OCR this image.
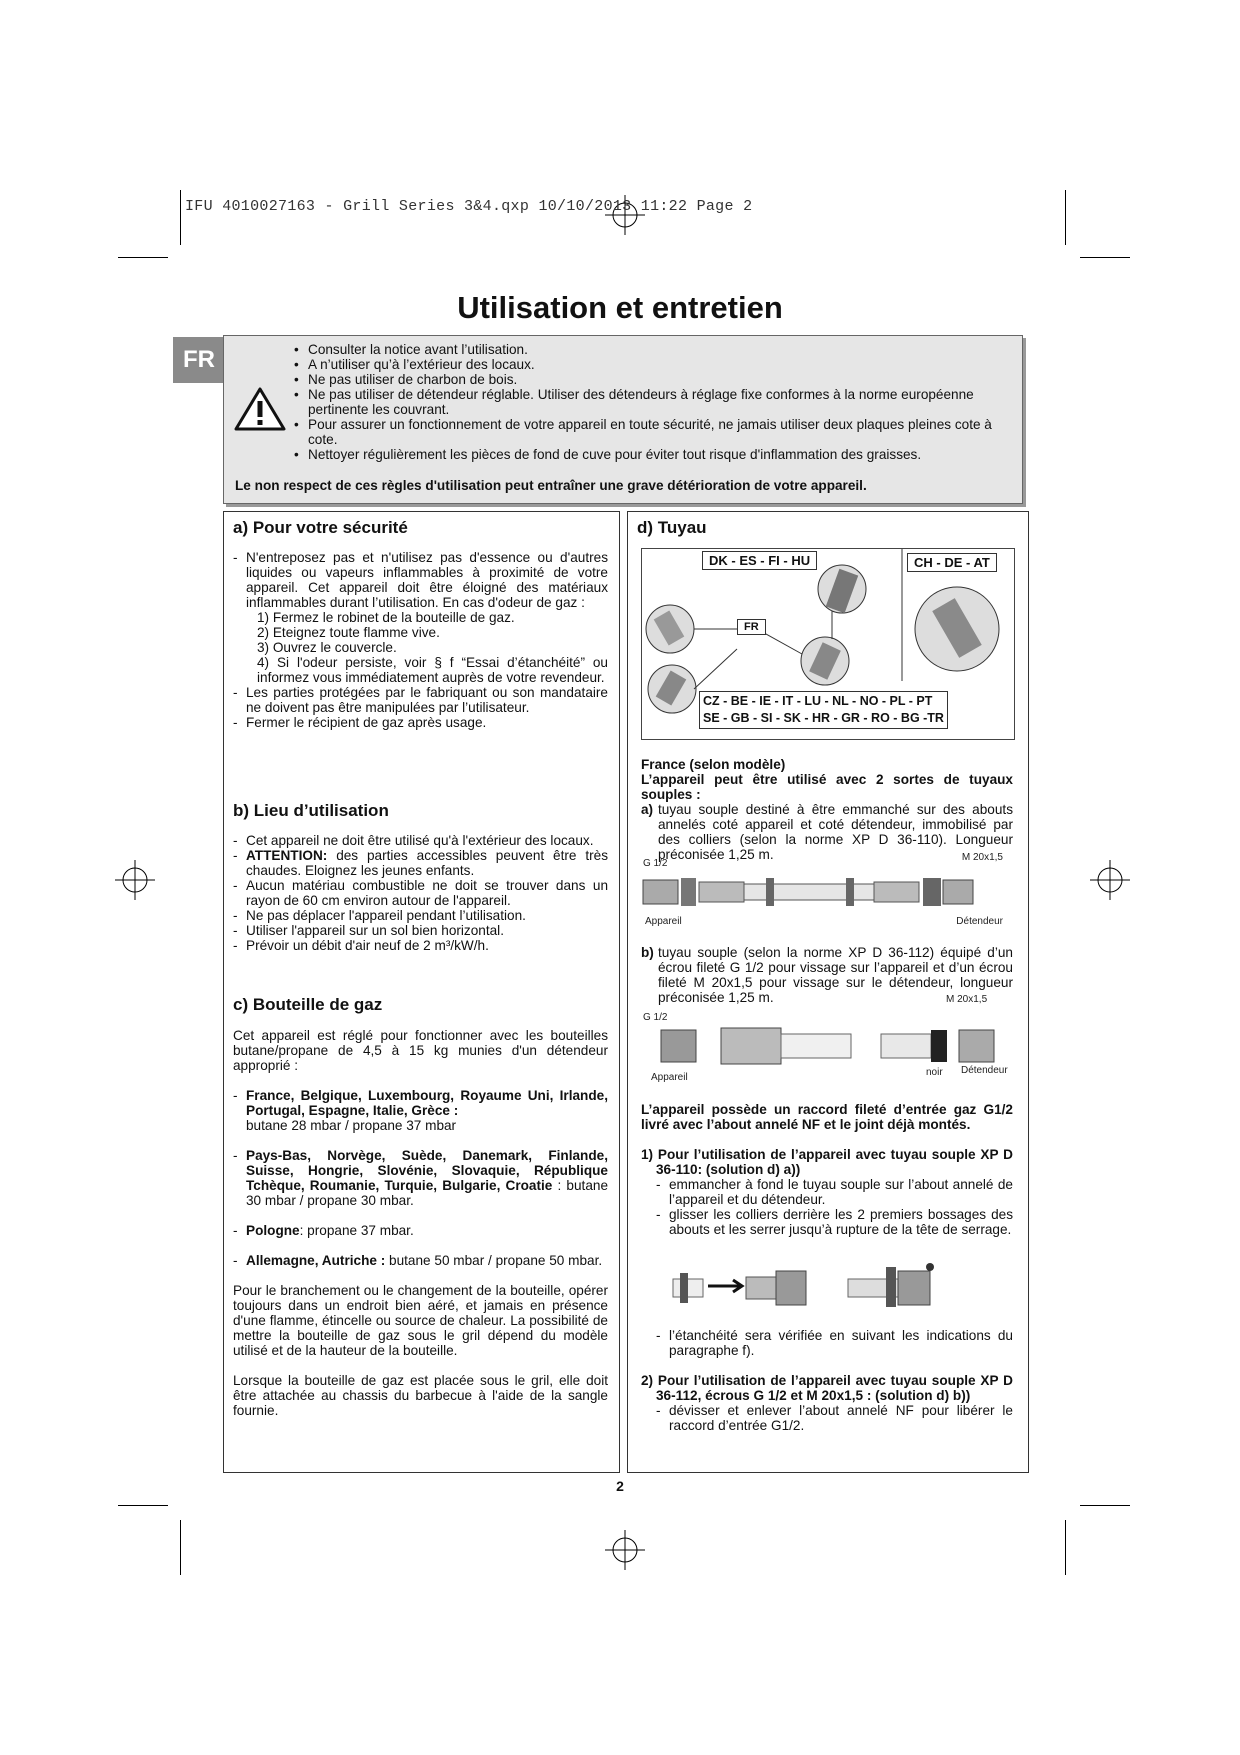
IFU 4010027163 - Grill Series 3&4.qxp 10/10/2013 11:22 Page 2
Utilisation et entretien
FR
•	Consulter la notice avant l’utilisation.
• A n’utiliser qu’à l’extérieur des locaux.
• Ne pas utiliser de charbon de bois.
• Ne pas utiliser de détendeur réglable. Utiliser des détendeurs à réglage fixe conformes à la norme européenne pertinente les couvrant.
• Pour assurer un fonctionnement de votre appareil en toute sécurité, ne jamais utiliser deux plaques pleines cote à cote.
• Nettoyer régulièrement les pièces de fond de cuve pour éviter tout risque d'inflammation des graisses.
Le non respect de ces règles d'utilisation peut entraîner une grave détérioration de votre appareil.
a) Pour votre sécurité

- N'entreposez pas et n'utilisez pas d'essence ou d'autres liquides ou vapeurs inflammables à proximité de votre appareil. Cet appareil doit être éloigné des matériaux inflammables durant l’utilisation. En cas d'odeur de gaz :

1) Fermez le robinet de la bouteille de gaz.

2) Eteignez toute flamme vive.

3) Ouvrez le couvercle.

4) Si l'odeur persiste, voir § f “Essai d’étanchéité” ou informez vous immédiatement auprès de votre revendeur.

- Les parties protégées par le fabriquant ou son mandataire ne doivent pas être manipulées par l’utilisateur.

- Fermer le récipient de gaz après usage.

b) Lieu d’utilisation

- Cet appareil ne doit être utilisé qu'à l'extérieur des locaux.

- ATTENTION: des parties accessibles peuvent être très chaudes. Eloignez les jeunes enfants.

- Aucun matériau combustible ne doit se trouver dans un rayon de 60 cm environ autour de l'appareil.

- Ne pas déplacer l'appareil pendant l’utilisation.

- Utiliser l'appareil sur un sol bien horizontal.

- Prévoir un débit d'air neuf de 2 m³/kW/h.

c) Bouteille de gaz

Cet appareil est réglé pour fonctionner avec les bouteilles butane/propane de 4,5 à 15 kg munies d'un détendeur approprié :

- France, Belgique, Luxembourg, Royaume Uni, Irlande, Portugal, Espagne, Italie, Grèce :
butane 28 mbar / propane 37 mbar

- Pays-Bas, Norvège, Suède, Danemark, Finlande, Suisse, Hongrie, Slovénie, Slovaquie, République Tchèque, Roumanie, Turquie, Bulgarie, Croatie : butane 30 mbar / propane 30 mbar.

- Pologne: propane 37 mbar.

- Allemagne, Autriche : butane 50 mbar / propane 50 mbar.

Pour le branchement ou le changement de la bouteille, opérer toujours dans un endroit bien aéré, et jamais en présence d'une flamme, étincelle ou source de chaleur. La possibilité de mettre la bouteille de gaz sous le gril dépend du modèle utilisé et de la hauteur de la bouteille.

Lorsque la bouteille de gaz est placée sous le gril, elle doit être attachée au chassis du barbecue à l'aide de la sangle fournie.

d) Tuyau
DK - ES - FI - HU	CH - DE - AT
FR
CZ - BE - IE - IT - LU - NL - NO - PL - PT
SE - GB - SI - SK - HR - GR - RO - BG -TR

France (selon modèle)

L’appareil peut être utilisé avec 2 sortes de tuyaux souples :

a) tuyau souple destiné à être emmanché sur des abouts annelés coté appareil et coté détendeur, immobilisé par des colliers (selon la norme XP D 36-110). Longueur préconisée 1,25 m.

G 1/2
M 20x1,5
Appareil	Détendeur

b) tuyau souple (selon la norme XP D 36-112) équipé d’un écrou fileté G 1/2 pour vissage sur l’appareil et d’un écrou fileté M 20x1,5 pour vissage sur le détendeur, longueur préconisée 1,25 m.

G 1/2
M 20x1,5
Appareil	noir Détendeur

L’appareil possède un raccord fileté d’entrée gaz G1/2 livré avec l’about annelé NF et le joint déjà montés.

1) Pour l’utilisation de l’appareil avec tuyau souple XP D 36-110: (solution d) a))

- emmancher à fond le tuyau souple sur l’about annelé de l’appareil et du détendeur.

- glisser les colliers derrière les 2 premiers bossages des abouts et les serrer jusqu’à rupture de la tête de serrage.

- l’étanchéité sera vérifiée en suivant les indications du paragraphe f).

2) Pour l’utilisation de l’appareil avec tuyau souple XP D 36-112, écrous G 1/2 et M 20x1,5 : (solution d) b))

- dévisser et enlever l’about annelé NF pour libérer le raccord d’entrée G1/2.

2
